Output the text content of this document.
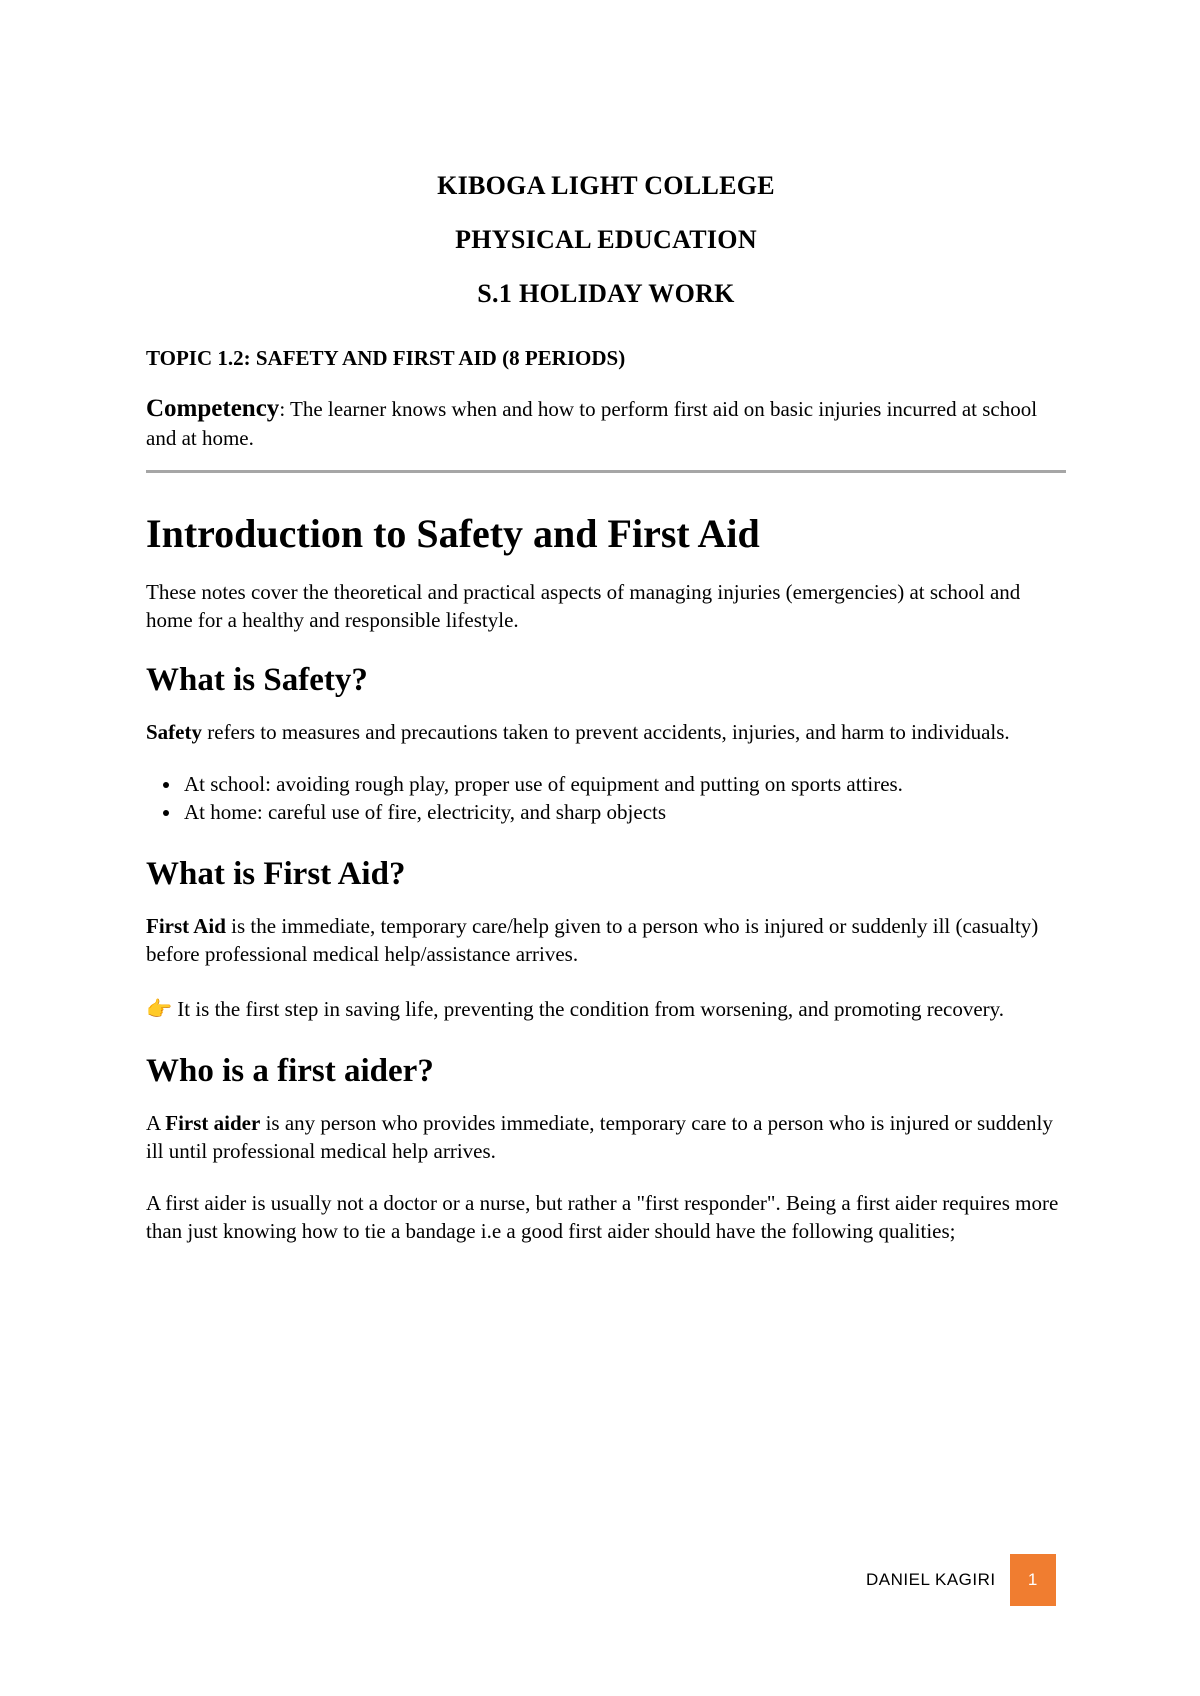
KIBOGA LIGHT COLLEGE

PHYSICAL EDUCATION

S.1 HOLIDAY WORK

TOPIC 1.2: SAFETY AND FIRST AID (8 PERIODS)

Competency: The learner knows when and how to perform first aid on basic injuries incurred at school and at home.

Introduction to Safety and First Aid

These notes cover the theoretical and practical aspects of managing injuries (emergencies) at school and home for a healthy and responsible lifestyle.

What is Safety?

Safety refers to measures and precautions taken to prevent accidents, injuries, and harm to individuals.

• At school: avoiding rough play, proper use of equipment and putting on sports attires.
• At home: careful use of fire, electricity, and sharp objects
What is First Aid?

First Aid is the immediate, temporary care/help given to a person who is injured or suddenly ill (casualty) before professional medical help/assistance arrives.

👉 It is the first step in saving life, preventing the condition from worsening, and promoting recovery.

Who is a first aider?

A First aider is any person who provides immediate, temporary care to a person who is injured or suddenly ill until professional medical help arrives.

A first aider is usually not a doctor or a nurse, but rather a "first responder". Being a first aider requires more than just knowing how to tie a bandage i.e a good first aider should have the following qualities;

DANIEL KAGIRI	1
